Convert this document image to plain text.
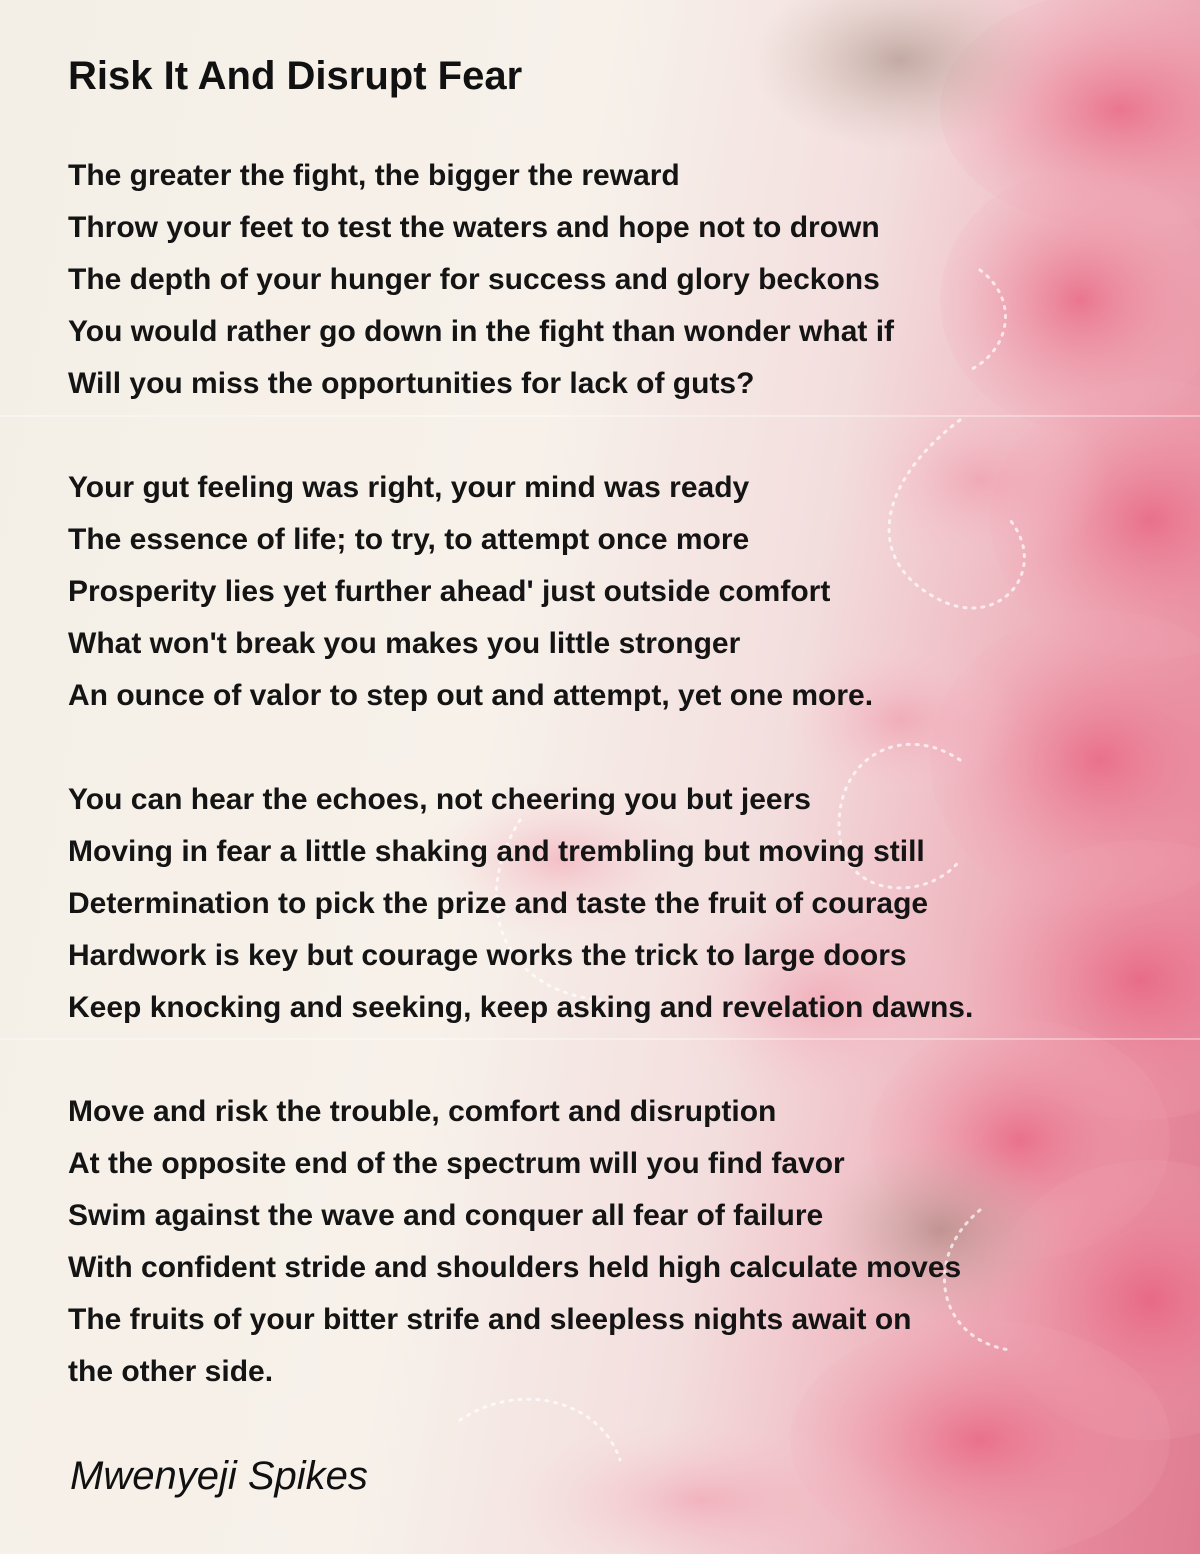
Risk It And Disrupt Fear
The greater the fight, the bigger the reward
Throw your feet to test the waters and hope not to drown
The depth of your hunger for success and glory beckons
You would rather go down in the fight than wonder what if
Will you miss the opportunities for lack of guts?
Your gut feeling was right, your mind was ready
The essence of life; to try, to attempt once more
Prosperity lies yet further ahead' just outside comfort
What won't break you makes you little stronger
An ounce of valor to step out and attempt, yet one more.
You can hear the echoes, not cheering you but jeers
Moving in fear a little shaking and trembling but moving still
Determination to pick the prize and taste the fruit of courage
Hardwork is key but courage works the trick to large doors
Keep knocking and seeking, keep asking and revelation dawns.
Move and risk the trouble, comfort and disruption
At the opposite end of the spectrum will you find favor
Swim against the wave and conquer all fear of failure
With confident stride and shoulders held high calculate moves
The fruits of your bitter strife and sleepless nights await on
the other side.
Mwenyeji Spikes
